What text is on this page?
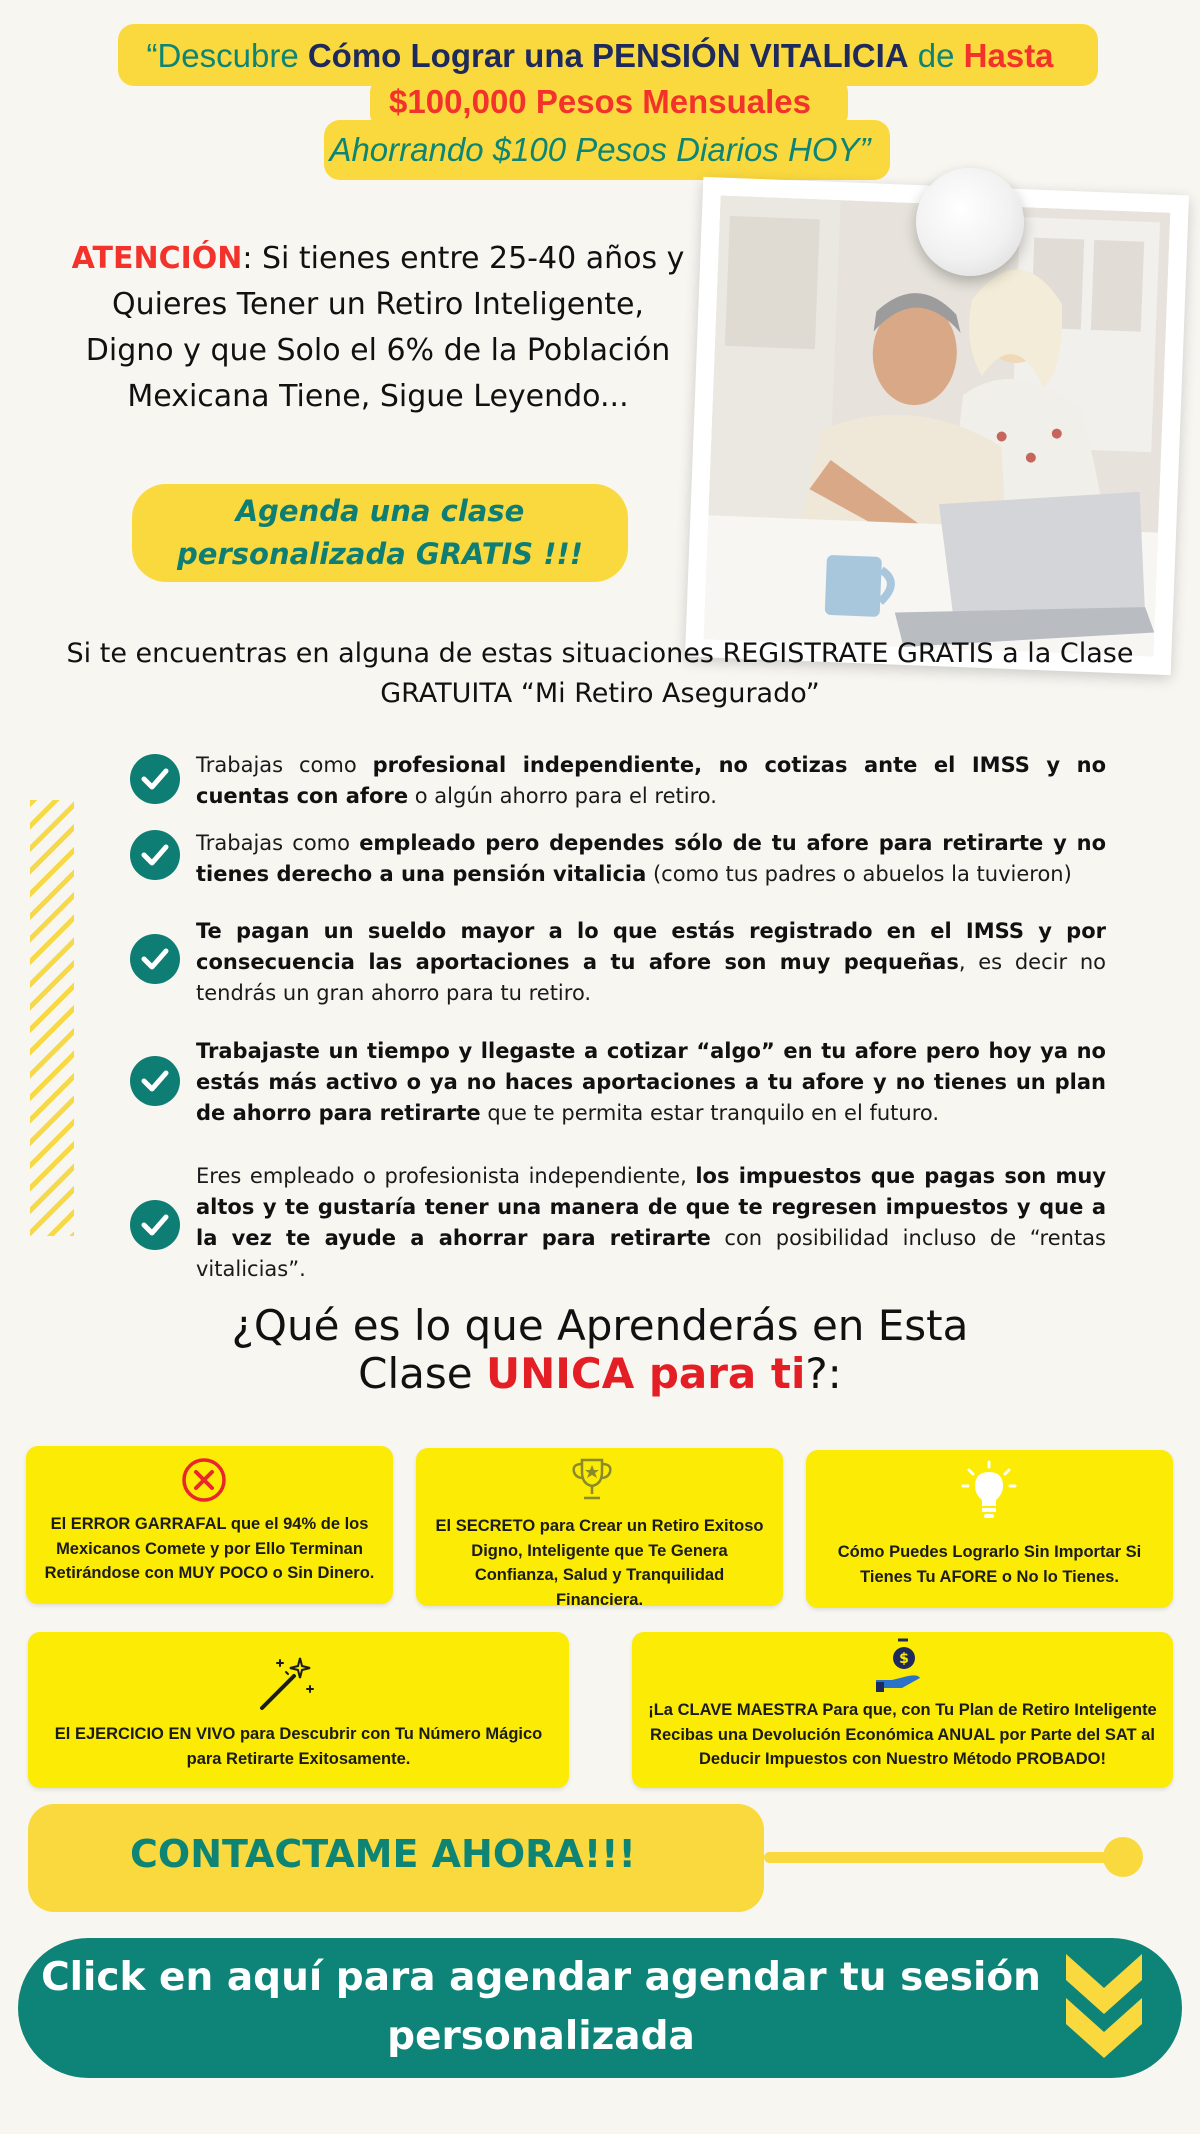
“Descubre Cómo Lograr una PENSIÓN VITALICIA de Hasta
$100,000 Pesos Mensuales
Ahorrando $100 Pesos Diarios HOY”
ATENCIÓN: Si tienes entre 25-40 años y Quieres Tener un Retiro Inteligente, Digno y que Solo el 6% de la Población Mexicana Tiene, Sigue Leyendo...
Agenda una clase personalizada GRATIS !!!
Si te encuentras en alguna de estas situaciones REGISTRATE GRATIS a la Clase GRATUITA “Mi Retiro Asegurado”
Trabajas como profesional independiente, no cotizas ante el IMSS y no cuentas con afore o algún ahorro para el retiro.
Trabajas como empleado pero dependes sólo de tu afore para retirarte y no tienes derecho a una pensión vitalicia (como tus padres o abuelos la tuvieron)
Te pagan un sueldo mayor a lo que estás registrado en el IMSS y por consecuencia las aportaciones a tu afore son muy pequeñas, es decir no tendrás un gran ahorro para tu retiro.
Trabajaste un tiempo y llegaste a cotizar “algo” en tu afore pero hoy ya no estás más activo o ya no haces aportaciones a tu afore y no tienes un plan de ahorro para retirarte que te permita estar tranquilo en el futuro.
Eres empleado o profesionista independiente, los impuestos que pagas son muy altos y te gustaría tener una manera de que te regresen impuestos y que a la vez te ayude a ahorrar para retirarte con posibilidad incluso de “rentas vitalicias”.
¿Qué es lo que Aprenderás en Esta
Clase UNICA para ti?:
El ERROR GARRAFAL que el 94% de los Mexicanos Comete y por Ello Terminan Retirándose con MUY POCO o Sin Dinero.
El SECRETO para Crear un Retiro Exitoso Digno, Inteligente que Te Genera Confianza, Salud y Tranquilidad Financiera.
Cómo Puedes Lograrlo Sin Importar Si Tienes Tu AFORE o No lo Tienes.
El EJERCICIO EN VIVO para Descubrir con Tu Número Mágico para Retirarte Exitosamente.
$
¡La CLAVE MAESTRA Para que, con Tu Plan de Retiro Inteligente Recibas una Devolución Económica ANUAL por Parte del SAT al Deducir Impuestos con Nuestro Método PROBADO!
CONTACTAME AHORA!!!
Click en aquí para agendar agendar tu sesión personalizada
